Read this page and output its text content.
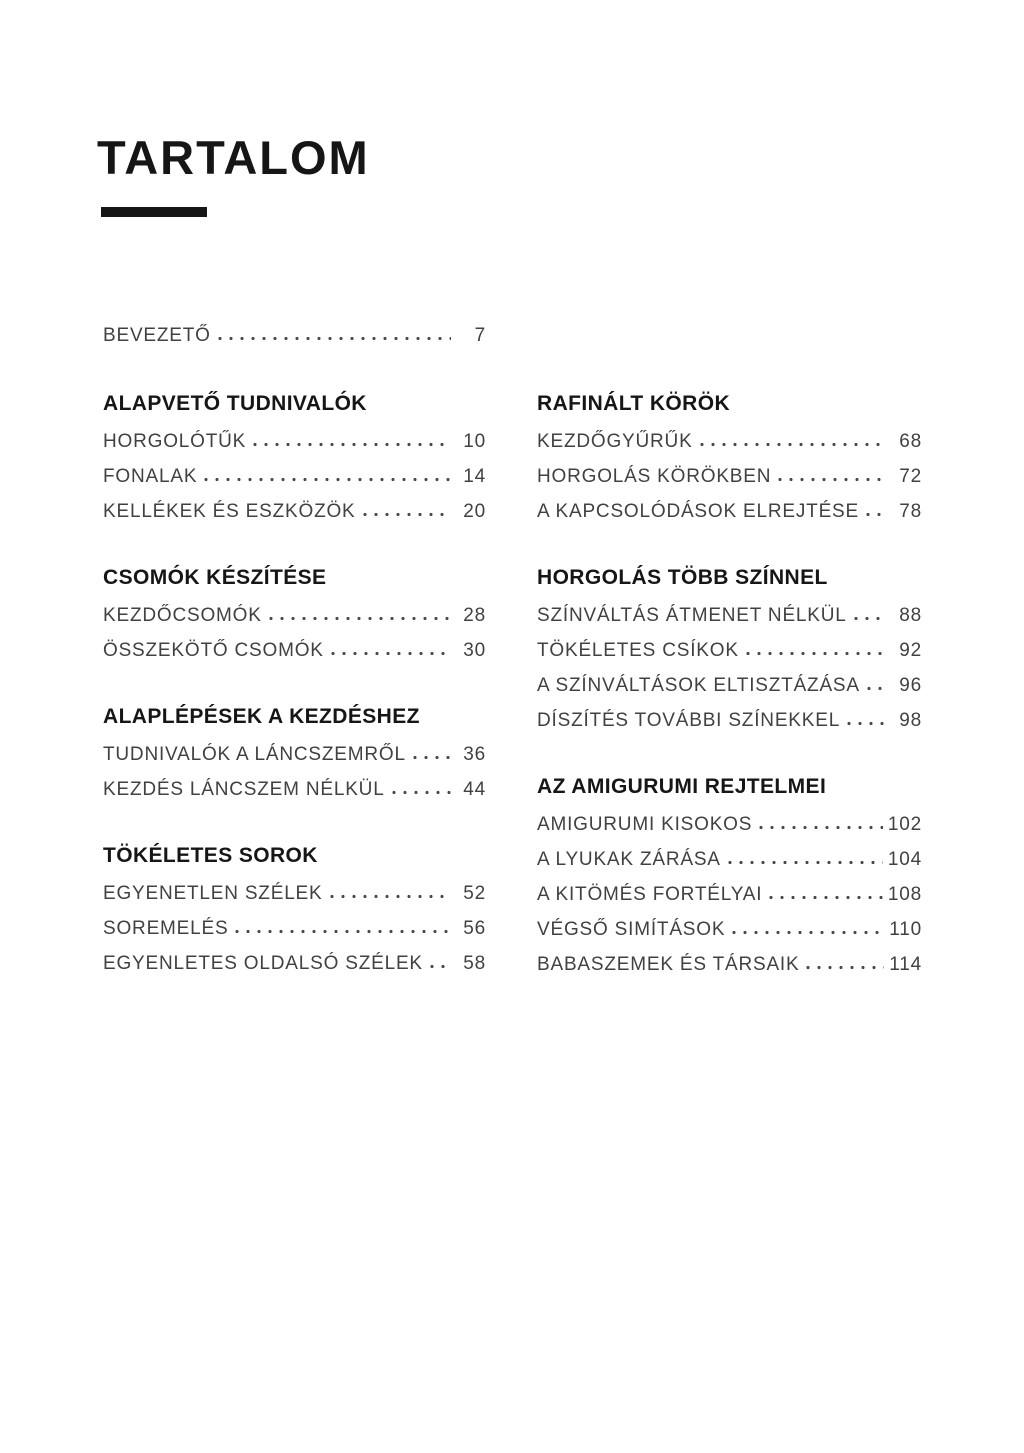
TARTALOM
BEVEZETŐ	7
ALAPVETŐ TUDNIVALÓK
HORGOLÓTŰK	10
FONALAK	14
KELLÉKEK ÉS ESZKÖZÖK	20
CSOMÓK KÉSZÍTÉSE
KEZDŐCSOMÓK	28
ÖSSZEKÖTŐ CSOMÓK	30
ALAPLÉPÉSEK A KEZDÉSHEZ
TUDNIVALÓK A LÁNCSZEMRŐL	36
KEZDÉS LÁNCSZEM NÉLKÜL	44
TÖKÉLETES SOROK
EGYENETLEN SZÉLEK	52
SOREMELÉS	56
EGYENLETES OLDALSÓ SZÉLEK	58
RAFINÁLT KÖRÖK
KEZDŐGYŰRŰK	68
HORGOLÁS KÖRÖKBEN	72
A KAPCSOLÓDÁSOK ELREJTÉSE	78
HORGOLÁS TÖBB SZÍNNEL
SZÍNVÁLTÁS ÁTMENET NÉLKÜL	88
TÖKÉLETES CSÍKOK	92
A SZÍNVÁLTÁSOK ELTISZTÁZÁSA	96
DÍSZÍTÉS TOVÁBBI SZÍNEKKEL	98
AZ AMIGURUMI REJTELMEI
AMIGURUMI KISOKOS	102
A LYUKAK ZÁRÁSA	104
A KITÖMÉS FORTÉLYAI	108
VÉGSŐ SIMÍTÁSOK	110
BABASZEMEK ÉS TÁRSAIK	114
